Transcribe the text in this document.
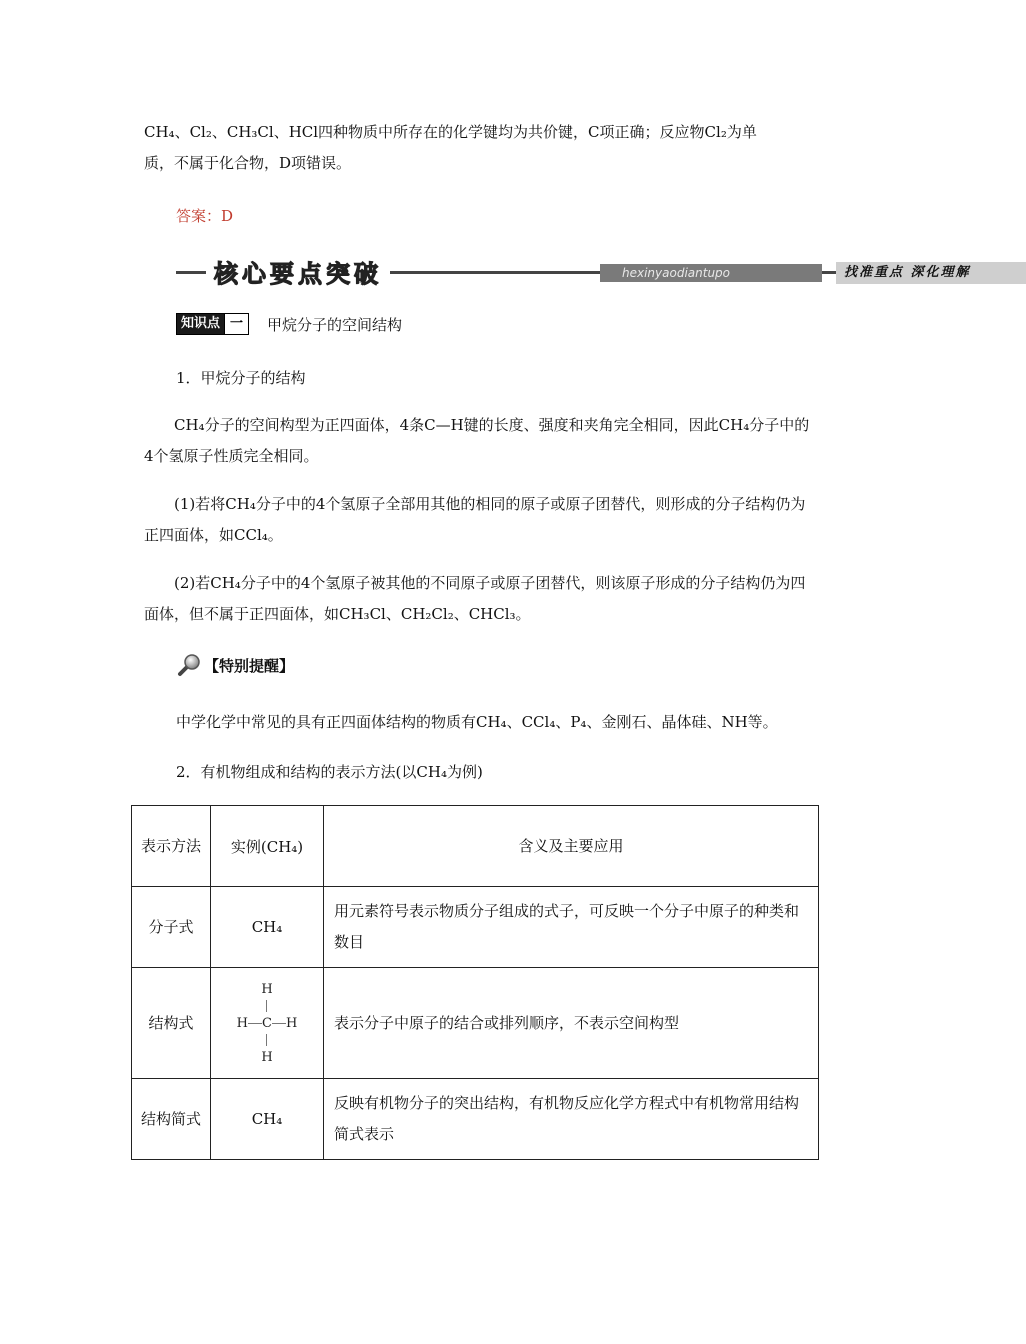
CH₄、Cl₂、CH₃Cl、HCl四种物质中所存在的化学键均为共价键，C项正确；反应物Cl₂为单
质，不属于化合物，D项错误。

答案：D

核心要点突破	hexinyaodiantupo	找准重点 深化理解
知识点 一	甲烷分子的空间结构

1．甲烷分子的结构

CH₄分子的空间构型为正四面体，4条C—H键的长度、强度和夹角完全相同，因此CH₄分子中的4个氢原子性质完全相同。

(1)若将CH₄分子中的4个氢原子全部用其他的相同的原子或原子团替代，则形成的分子结构仍为正四面体，如CCl₄。

(2)若CH₄分子中的4个氢原子被其他的不同原子或原子团替代，则该原子形成的分子结构仍为四面体，但不属于正四面体，如CH₃Cl、CH₂Cl₂、CHCl₃。

【特别提醒】

中学化学中常见的具有正四面体结构的物质有CH₄、CCl₄、P₄、金刚石、晶体硅、NH等。

2．有机物组成和结构的表示方法(以CH₄为例)

表示方法	实例(CH₄)	含义及主要应用
分子式	CH₄	用元素符号表示物质分子组成的式子，可反映一个分子中原子的种类和数目
结构式	H
H C H
H	表示分子中原子的结合或排列顺序，不表示空间构型
结构简式	CH₄	反映有机物分子的突出结构，有机物反应化学方程式中有机物常用结构简式表示
